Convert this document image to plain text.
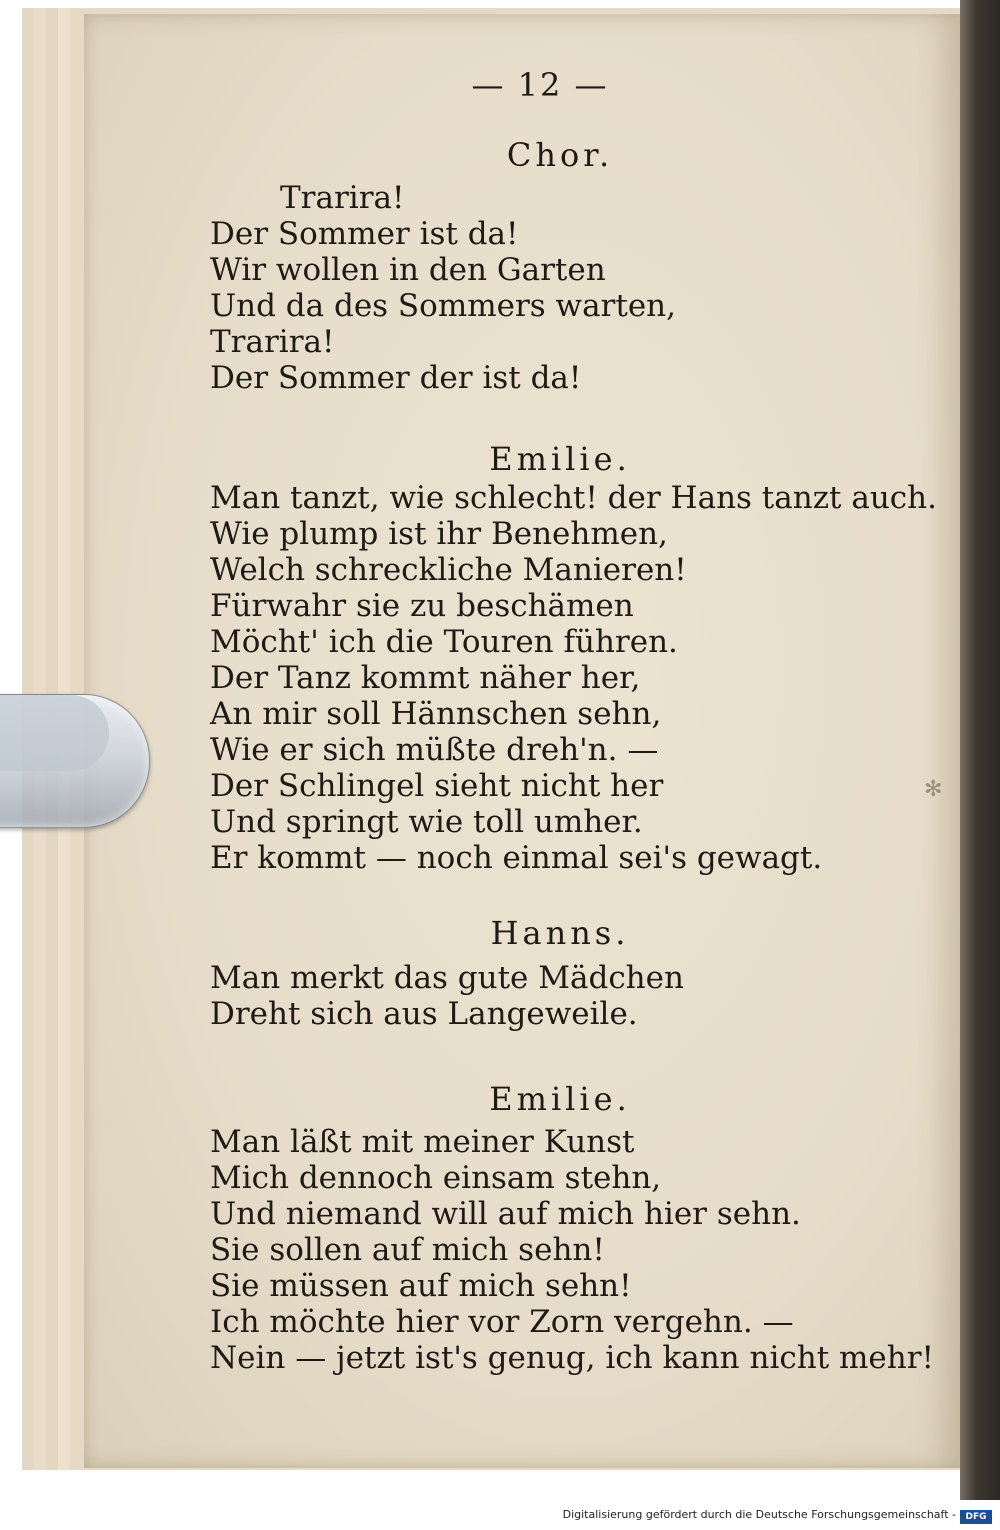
✻
— 12 —
Chor.
Trarira!
Der Sommer ist da!
Wir wollen in den Garten
Und da des Sommers warten,
Trarira!
Der Sommer der ist da!
Emilie.
Man tanzt, wie schlecht! der Hans tanzt auch.
Wie plump ist ihr Benehmen,
Welch schreckliche Manieren!
Fürwahr sie zu beschämen
Möcht' ich die Touren führen.
Der Tanz kommt näher her,
An mir soll Hännschen sehn,
Wie er sich müßte dreh'n. —
Der Schlingel sieht nicht her
Und springt wie toll umher.
Er kommt — noch einmal sei's gewagt.
Hanns.
Man merkt das gute Mädchen
Dreht sich aus Langeweile.
Emilie.
Man läßt mit meiner Kunst
Mich dennoch einsam stehn,
Und niemand will auf mich hier sehn.
Sie sollen auf mich sehn!
Sie müssen auf mich sehn!
Ich möchte hier vor Zorn vergehn. —
Nein — jetzt ist's genug, ich kann nicht mehr!
Digitalisierung gefördert durch die Deutsche Forschungsgemeinschaft -	DFG
